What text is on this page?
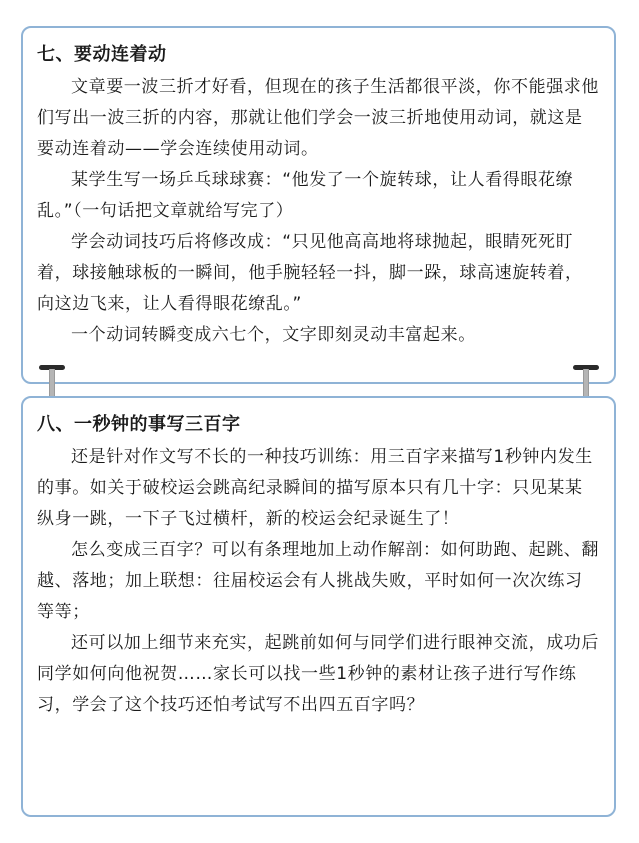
七、要动连着动

文章要一波三折才好看，但现在的孩子生活都很平淡，你不能强求他们写出一波三折的内容，那就让他们学会一波三折地使用动词，就这是要动连着动——学会连续使用动词。

某学生写一场乒乓球球赛：“他发了一个旋转球，让人看得眼花缭乱。”（一句话把文章就给写完了）

学会动词技巧后将修改成：“只见他高高地将球抛起，眼睛死死盯着，球接触球板的一瞬间，他手腕轻轻一抖，脚一跺，球高速旋转着，向这边飞来，让人看得眼花缭乱。”

一个动词转瞬变成六七个，文字即刻灵动丰富起来。

八、一秒钟的事写三百字

还是针对作文写不长的一种技巧训练：用三百字来描写1秒钟内发生的事。如关于破校运会跳高纪录瞬间的描写原本只有几十字：只见某某纵身一跳，一下子飞过横杆，新的校运会纪录诞生了！

怎么变成三百字？可以有条理地加上动作解剖：如何助跑、起跳、翻越、落地；加上联想：往届校运会有人挑战失败，平时如何一次次练习等等；

还可以加上细节来充实，起跳前如何与同学们进行眼神交流，成功后同学如何向他祝贺……家长可以找一些1秒钟的素材让孩子进行写作练习，学会了这个技巧还怕考试写不出四五百字吗？
